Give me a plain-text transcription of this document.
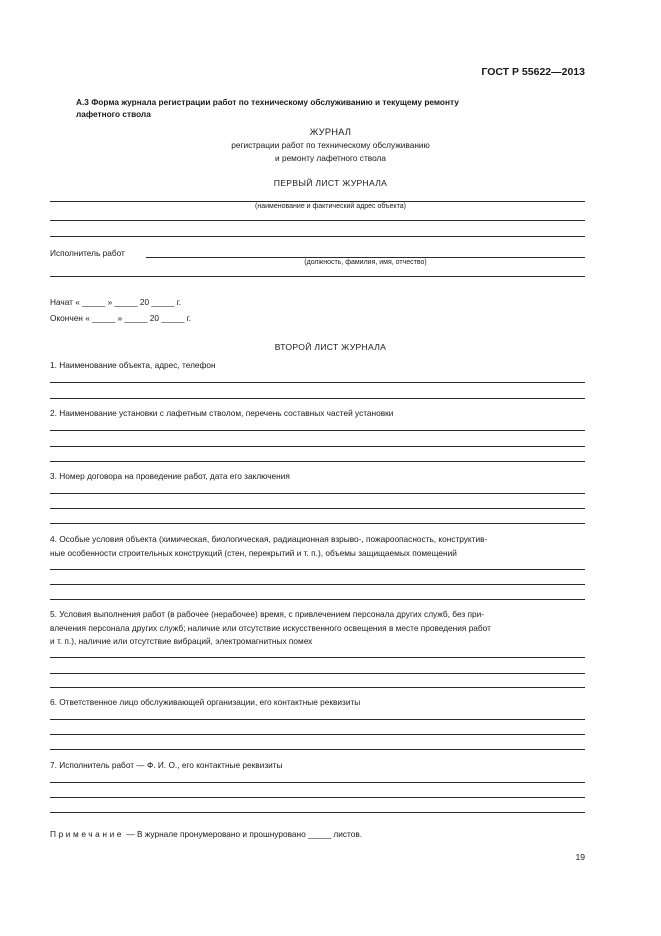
ГОСТ Р 55622—2013
А.3 Форма журнала регистрации работ по техническому обслуживанию и текущему ремонту
лафетного ствола
ЖУРНАЛ
регистрации работ по техническому обслуживанию
и ремонту лафетного ствола
ПЕРВЫЙ ЛИСТ ЖУРНАЛА
(наименование и фактический адрес объекта)
Исполнитель работ
(должность, фамилия, имя, отчество)
Начат « _____ » _____ 20 _____ г.
Окончен « _____ » _____ 20 _____ г.
ВТОРОЙ ЛИСТ ЖУРНАЛА
1. Наименование объекта, адрес, телефон
2. Наименование установки с лафетным стволом, перечень составных частей установки
3. Номер договора на проведение работ, дата его заключения
4. Особые условия объекта (химическая, биологическая, радиационная взрыво-, пожароопасность, конструктив-
ные особенности строительных конструкций (стен, перекрытий и т. п.), объемы защищаемых помещений
5. Условия выполнения работ (в рабочее (нерабочее) время, с привлечением персонала других служб, без при-
влечения персонала других служб; наличие или отсутствие искусственного освещения в месте проведения работ
и т. п.), наличие или отсутствие вибраций, электромагнитных помех
6. Ответственное лицо обслуживающей организации, его контактные реквизиты
7. Исполнитель работ — Ф. И. О., его контактные реквизиты
Примечание — В журнале пронумеровано и прошнуровано _____ листов.
19
